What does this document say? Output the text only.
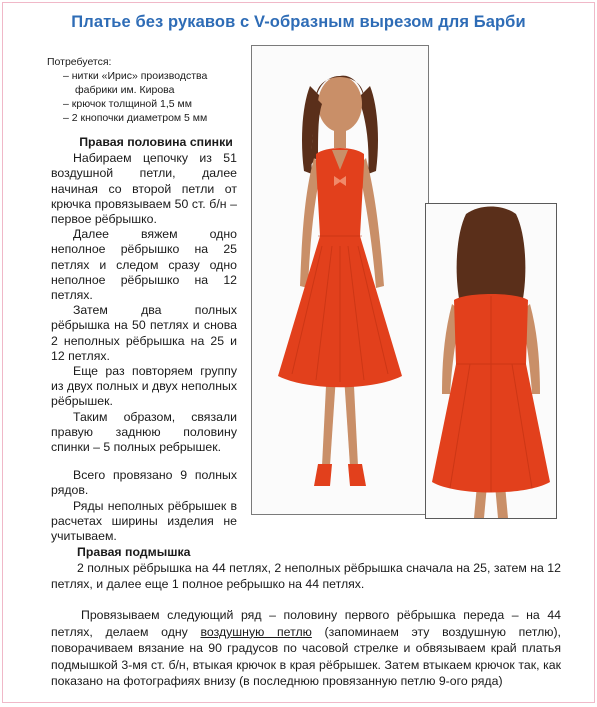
Платье без рукавов с V-образным вырезом для Барби
Потребуется:
– нитки «Ирис» производства
фабрики им. Кирова
– крючок толщиной 1,5 мм
– 2 кнопочки диаметром 5 мм
Правая половина спинки

Набираем цепочку из 51 воздушной петли, далее начиная со второй петли от крючка провязываем 50 ст. б/н – первое рёбрышко.

Далее вяжем одно неполное рёбрышко на 25 петлях и следом сразу одно неполное рёбрышко на 12 петлях.

Затем два полных рёбрышка на 50 петлях и снова 2 неполных рёбрышка на 25 и 12 петлях.

Еще раз повторяем группу из двух полных и двух неполных рёбрышек.

Таким образом, связали правую заднюю половину спинки – 5 полных ребрышек.

Всего провязано 9 полных рядов.

Ряды неполных рёбрышек в расчетах ширины изделия не учитываем.

Правая подмышка

2 полных рёбрышка на 44 петлях, 2 неполных рёбрышка сначала на 25, затем на 12 петлях, и далее еще 1 полное ребрышко на 44 петлях.

Провязываем следующий ряд – половину первого рёбрышка переда – на 44 петлях, делаем одну воздушную петлю (запоминаем эту воздушную петлю), поворачиваем вязание на 90 градусов по часовой стрелке и обвязываем край платья подмышкой 3-мя ст. б/н, втыкая крючок в края рёбрышек. Затем втыкаем крючок так, как показано на фотографиях внизу (в последнюю провязанную петлю 9-ого ряда)
